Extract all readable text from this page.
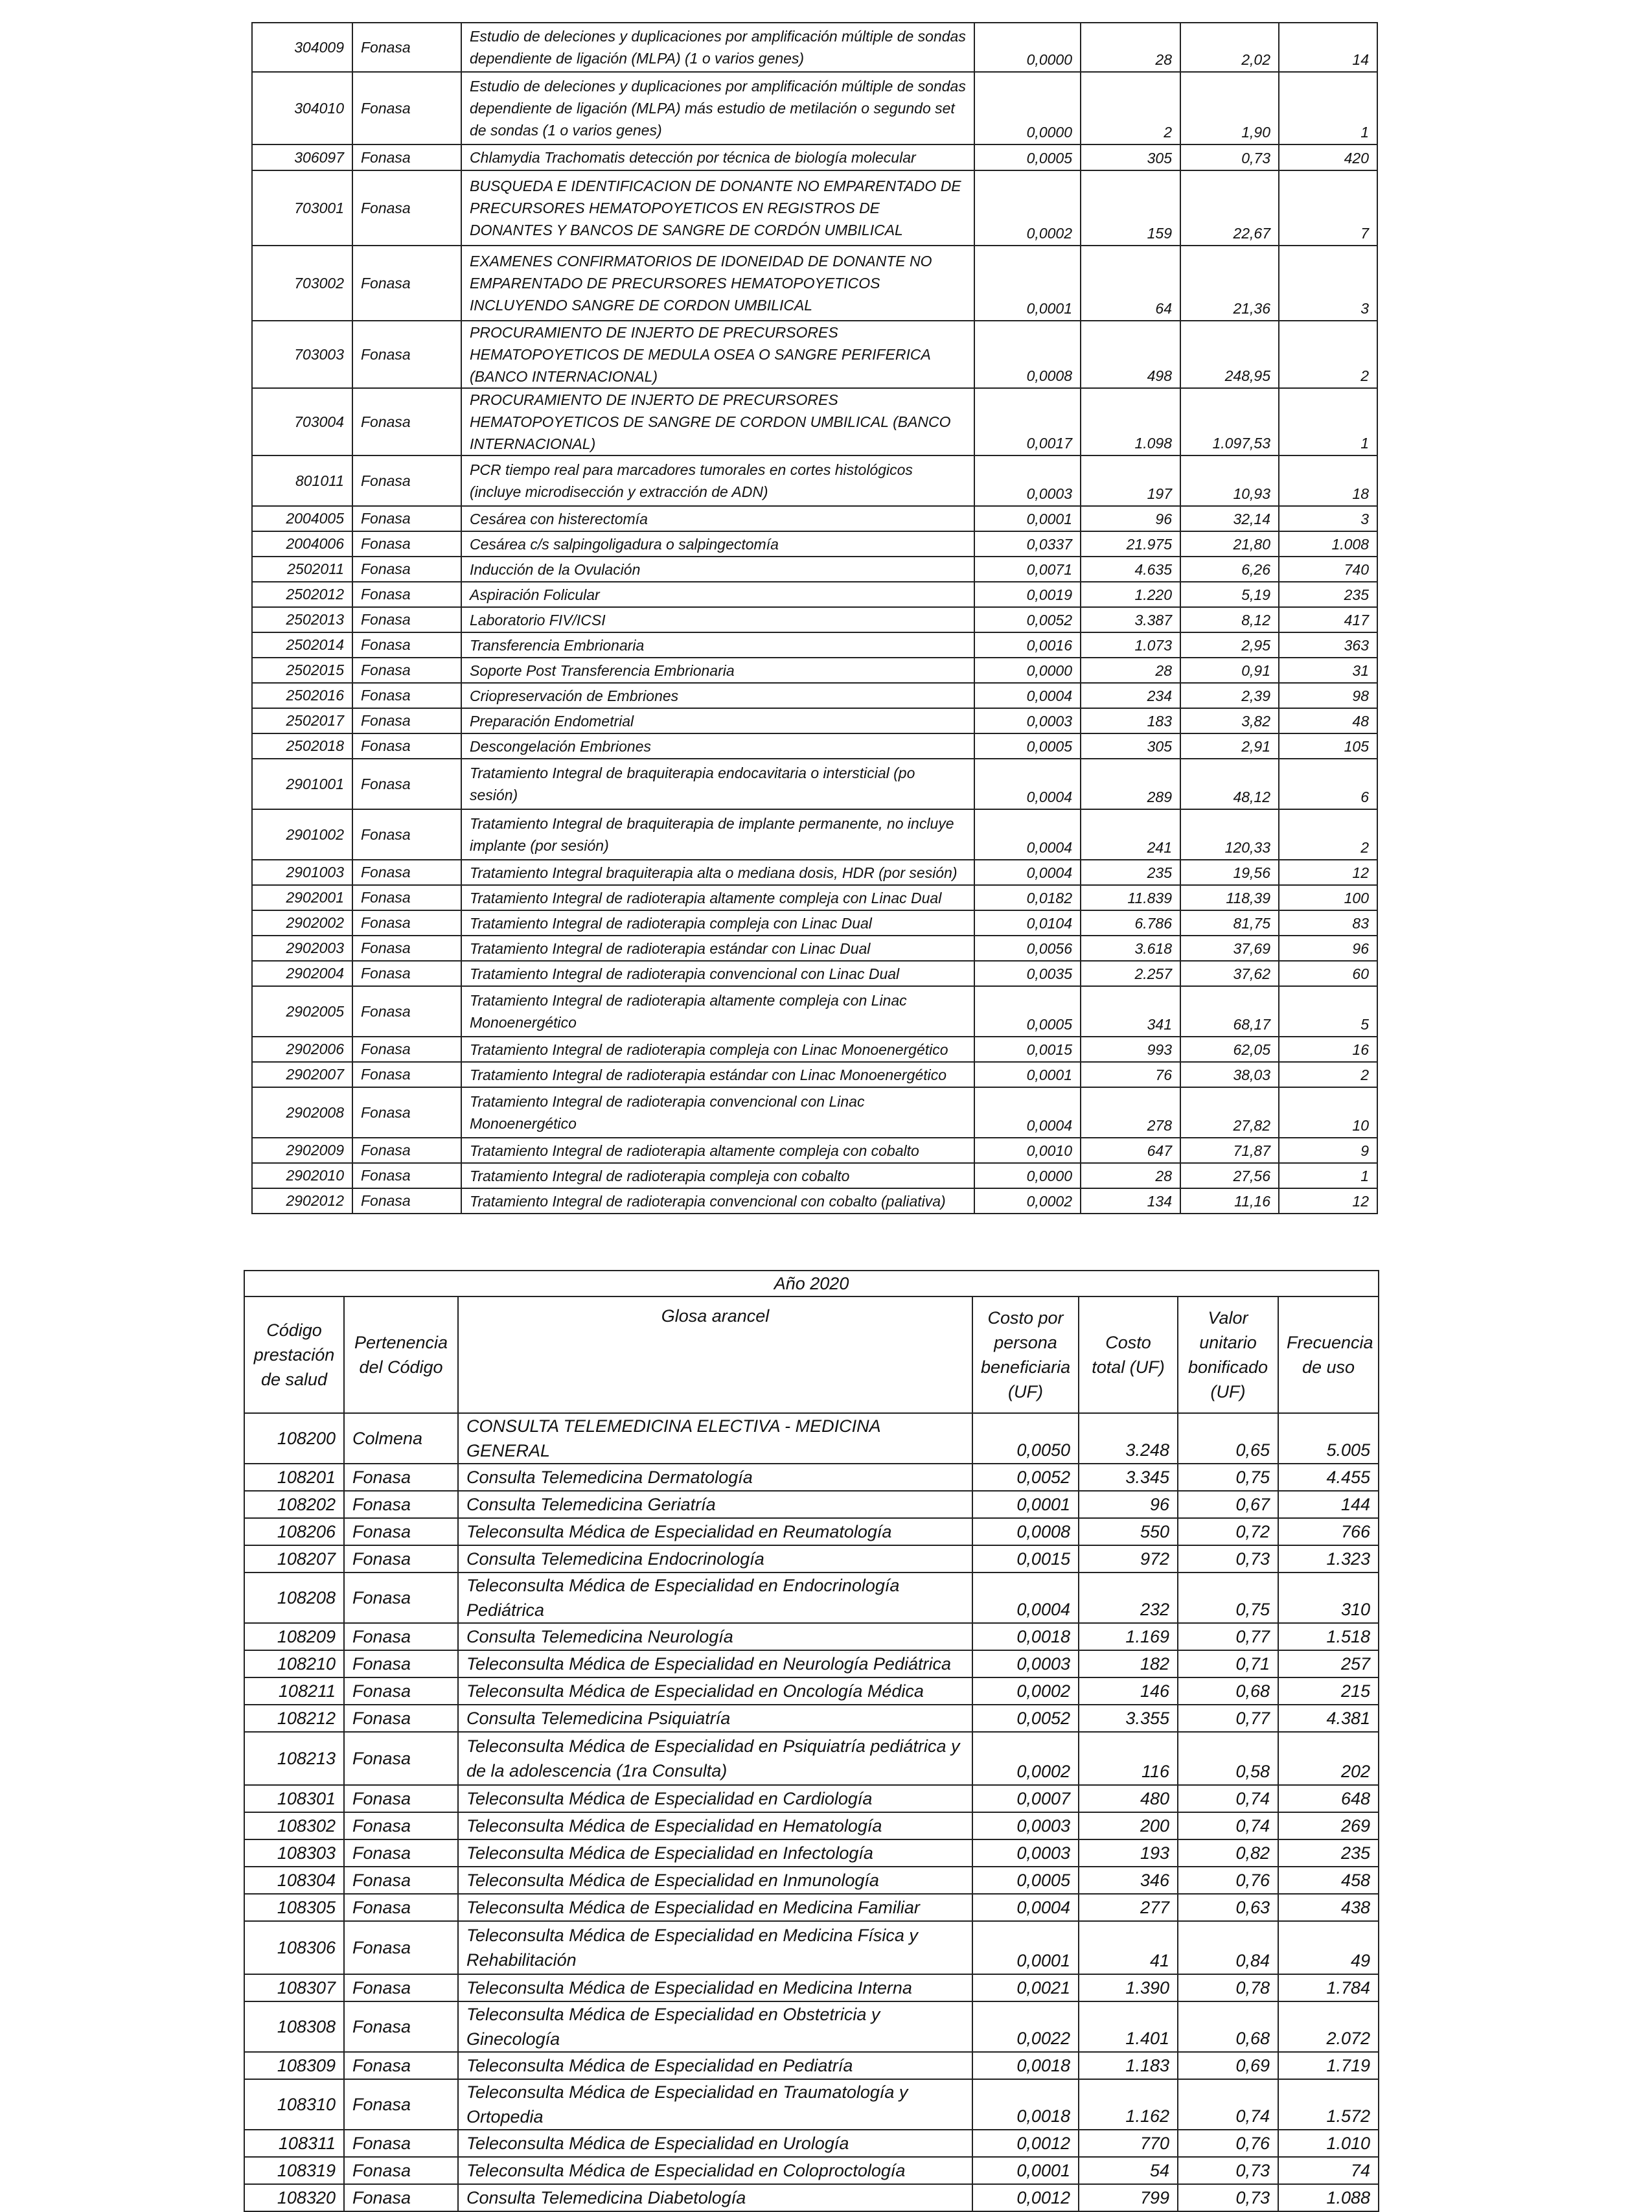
304009	Fonasa	Estudio de deleciones y duplicaciones por amplificación múltiple de sondas dependiente de ligación (MLPA) (1 o varios genes)	0,0000	28	2,02	14
304010	Fonasa	Estudio de deleciones y duplicaciones por amplificación múltiple de sondas dependiente de ligación (MLPA) más estudio de metilación o segundo set de sondas (1 o varios genes)	0,0000	2	1,90	1
306097	Fonasa	Chlamydia Trachomatis detección por técnica de biología molecular	0,0005	305	0,73	420
703001	Fonasa	BUSQUEDA E IDENTIFICACION DE DONANTE NO EMPARENTADO DE PRECURSORES HEMATOPOYETICOS EN REGISTROS DE DONANTES Y BANCOS DE SANGRE DE CORDÓN UMBILICAL	0,0002	159	22,67	7
703002	Fonasa	EXAMENES CONFIRMATORIOS DE IDONEIDAD DE DONANTE NO EMPARENTADO DE PRECURSORES HEMATOPOYETICOS INCLUYENDO SANGRE DE CORDON UMBILICAL	0,0001	64	21,36	3
703003	Fonasa	PROCURAMIENTO DE INJERTO DE PRECURSORES HEMATOPOYETICOS DE MEDULA OSEA O SANGRE PERIFERICA (BANCO INTERNACIONAL)	0,0008	498	248,95	2
703004	Fonasa	PROCURAMIENTO DE INJERTO DE PRECURSORES HEMATOPOYETICOS DE SANGRE DE CORDON UMBILICAL (BANCO INTERNACIONAL)	0,0017	1.098	1.097,53	1
801011	Fonasa	PCR tiempo real para marcadores tumorales en cortes histológicos (incluye microdisección y extracción de ADN)	0,0003	197	10,93	18
2004005	Fonasa	Cesárea con histerectomía	0,0001	96	32,14	3
2004006	Fonasa	Cesárea c/s salpingoligadura o salpingectomía	0,0337	21.975	21,80	1.008
2502011	Fonasa	Inducción de la Ovulación	0,0071	4.635	6,26	740
2502012	Fonasa	Aspiración Folicular	0,0019	1.220	5,19	235
2502013	Fonasa	Laboratorio FIV/ICSI	0,0052	3.387	8,12	417
2502014	Fonasa	Transferencia Embrionaria	0,0016	1.073	2,95	363
2502015	Fonasa	Soporte Post Transferencia Embrionaria	0,0000	28	0,91	31
2502016	Fonasa	Criopreservación de Embriones	0,0004	234	2,39	98
2502017	Fonasa	Preparación Endometrial	0,0003	183	3,82	48
2502018	Fonasa	Descongelación Embriones	0,0005	305	2,91	105
2901001	Fonasa	Tratamiento Integral de braquiterapia endocavitaria o intersticial (po sesión)	0,0004	289	48,12	6
2901002	Fonasa	Tratamiento Integral de braquiterapia de implante permanente, no incluye implante (por sesión)	0,0004	241	120,33	2
2901003	Fonasa	Tratamiento Integral braquiterapia alta o mediana dosis, HDR (por sesión)	0,0004	235	19,56	12
2902001	Fonasa	Tratamiento Integral de radioterapia altamente compleja con Linac Dual	0,0182	11.839	118,39	100
2902002	Fonasa	Tratamiento Integral de radioterapia compleja con Linac Dual	0,0104	6.786	81,75	83
2902003	Fonasa	Tratamiento Integral de radioterapia estándar con Linac Dual	0,0056	3.618	37,69	96
2902004	Fonasa	Tratamiento Integral de radioterapia convencional con Linac Dual	0,0035	2.257	37,62	60
2902005	Fonasa	Tratamiento Integral de radioterapia altamente compleja con Linac Monoenergético	0,0005	341	68,17	5
2902006	Fonasa	Tratamiento Integral de radioterapia compleja con Linac Monoenergético	0,0015	993	62,05	16
2902007	Fonasa	Tratamiento Integral de radioterapia estándar con Linac Monoenergético	0,0001	76	38,03	2
2902008	Fonasa	Tratamiento Integral de radioterapia convencional con Linac Monoenergético	0,0004	278	27,82	10
2902009	Fonasa	Tratamiento Integral de radioterapia altamente compleja con cobalto	0,0010	647	71,87	9
2902010	Fonasa	Tratamiento Integral de radioterapia compleja con cobalto	0,0000	28	27,56	1
2902012	Fonasa	Tratamiento Integral de radioterapia convencional con cobalto (paliativa)	0,0002	134	11,16	12
Año 2020						
Código prestación de salud	Pertenencia del Código	Glosa arancel	Costo por persona beneficiaria (UF)	Costo total (UF)	Valor unitario bonificado (UF)	Frecuencia de uso
108200	Colmena	CONSULTA TELEMEDICINA ELECTIVA - MEDICINA GENERAL	0,0050	3.248	0,65	5.005
108201	Fonasa	Consulta Telemedicina Dermatología	0,0052	3.345	0,75	4.455
108202	Fonasa	Consulta Telemedicina Geriatría	0,0001	96	0,67	144
108206	Fonasa	Teleconsulta Médica de Especialidad en Reumatología	0,0008	550	0,72	766
108207	Fonasa	Consulta Telemedicina Endocrinología	0,0015	972	0,73	1.323
108208	Fonasa	Teleconsulta Médica de Especialidad en Endocrinología Pediátrica	0,0004	232	0,75	310
108209	Fonasa	Consulta Telemedicina Neurología	0,0018	1.169	0,77	1.518
108210	Fonasa	Teleconsulta Médica de Especialidad en Neurología Pediátrica	0,0003	182	0,71	257
108211	Fonasa	Teleconsulta Médica de Especialidad en Oncología Médica	0,0002	146	0,68	215
108212	Fonasa	Consulta Telemedicina Psiquiatría	0,0052	3.355	0,77	4.381
108213	Fonasa	Teleconsulta Médica de Especialidad en Psiquiatría pediátrica y de la adolescencia (1ra Consulta)	0,0002	116	0,58	202
108301	Fonasa	Teleconsulta Médica de Especialidad en Cardiología	0,0007	480	0,74	648
108302	Fonasa	Teleconsulta Médica de Especialidad en Hematología	0,0003	200	0,74	269
108303	Fonasa	Teleconsulta Médica de Especialidad en Infectología	0,0003	193	0,82	235
108304	Fonasa	Teleconsulta Médica de Especialidad en Inmunología	0,0005	346	0,76	458
108305	Fonasa	Teleconsulta Médica de Especialidad en Medicina Familiar	0,0004	277	0,63	438
108306	Fonasa	Teleconsulta Médica de Especialidad en Medicina Física y Rehabilitación	0,0001	41	0,84	49
108307	Fonasa	Teleconsulta Médica de Especialidad en Medicina Interna	0,0021	1.390	0,78	1.784
108308	Fonasa	Teleconsulta Médica de Especialidad en Obstetricia y Ginecología	0,0022	1.401	0,68	2.072
108309	Fonasa	Teleconsulta Médica de Especialidad en Pediatría	0,0018	1.183	0,69	1.719
108310	Fonasa	Teleconsulta Médica de Especialidad en Traumatología y Ortopedia	0,0018	1.162	0,74	1.572
108311	Fonasa	Teleconsulta Médica de Especialidad en Urología	0,0012	770	0,76	1.010
108319	Fonasa	Teleconsulta Médica de Especialidad en Coloproctología	0,0001	54	0,73	74
108320	Fonasa	Consulta Telemedicina Diabetología	0,0012	799	0,73	1.088
